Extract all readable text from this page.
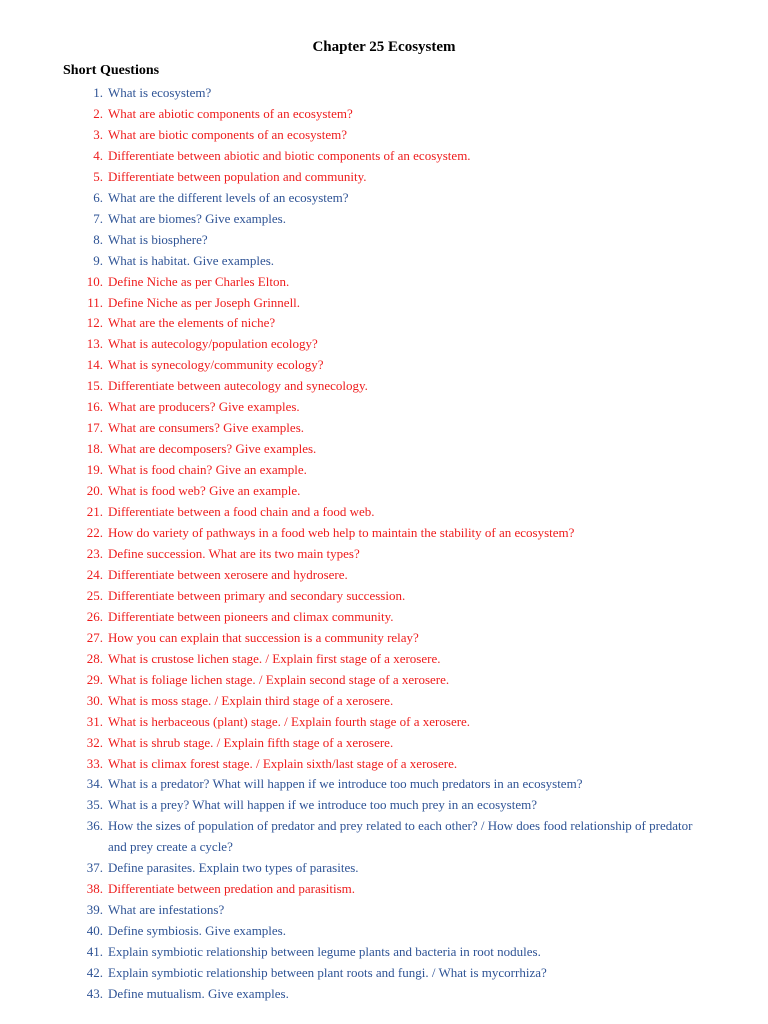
Chapter 25 Ecosystem
Short Questions
1. What is ecosystem?
2. What are abiotic components of an ecosystem?
3. What are biotic components of an ecosystem?
4. Differentiate between abiotic and biotic components of an ecosystem.
5. Differentiate between population and community.
6. What are the different levels of an ecosystem?
7. What are biomes? Give examples.
8. What is biosphere?
9. What is habitat. Give examples.
10. Define Niche as per Charles Elton.
11. Define Niche as per Joseph Grinnell.
12. What are the elements of niche?
13. What is autecology/population ecology?
14. What is synecology/community ecology?
15. Differentiate between autecology and synecology.
16. What are producers? Give examples.
17. What are consumers? Give examples.
18. What are decomposers? Give examples.
19. What is food chain? Give an example.
20. What is food web? Give an example.
21. Differentiate between a food chain and a food web.
22. How do variety of pathways in a food web help to maintain the stability of an ecosystem?
23. Define succession. What are its two main types?
24. Differentiate between xerosere and hydrosere.
25. Differentiate between primary and secondary succession.
26. Differentiate between pioneers and climax community.
27. How you can explain that succession is a community relay?
28. What is crustose lichen stage. / Explain first stage of a xerosere.
29. What is foliage lichen stage. / Explain second stage of a xerosere.
30. What is moss stage. / Explain third stage of a xerosere.
31. What is herbaceous (plant) stage. / Explain fourth stage of a xerosere.
32. What is shrub stage. / Explain fifth stage of a xerosere.
33. What is climax forest stage. / Explain sixth/last stage of a xerosere.
34. What is a predator? What will happen if we introduce too much predators in an ecosystem?
35. What is a prey? What will happen if we introduce too much prey in an ecosystem?
36. How the sizes of population of predator and prey related to each other? / How does food relationship of predator and prey create a cycle?
37. Define parasites. Explain two types of parasites.
38. Differentiate between predation and parasitism.
39. What are infestations?
40. Define symbiosis. Give examples.
41. Explain symbiotic relationship between legume plants and bacteria in root nodules.
42. Explain symbiotic relationship between plant roots and fungi. / What is mycorrhiza?
43. Define mutualism. Give examples.
